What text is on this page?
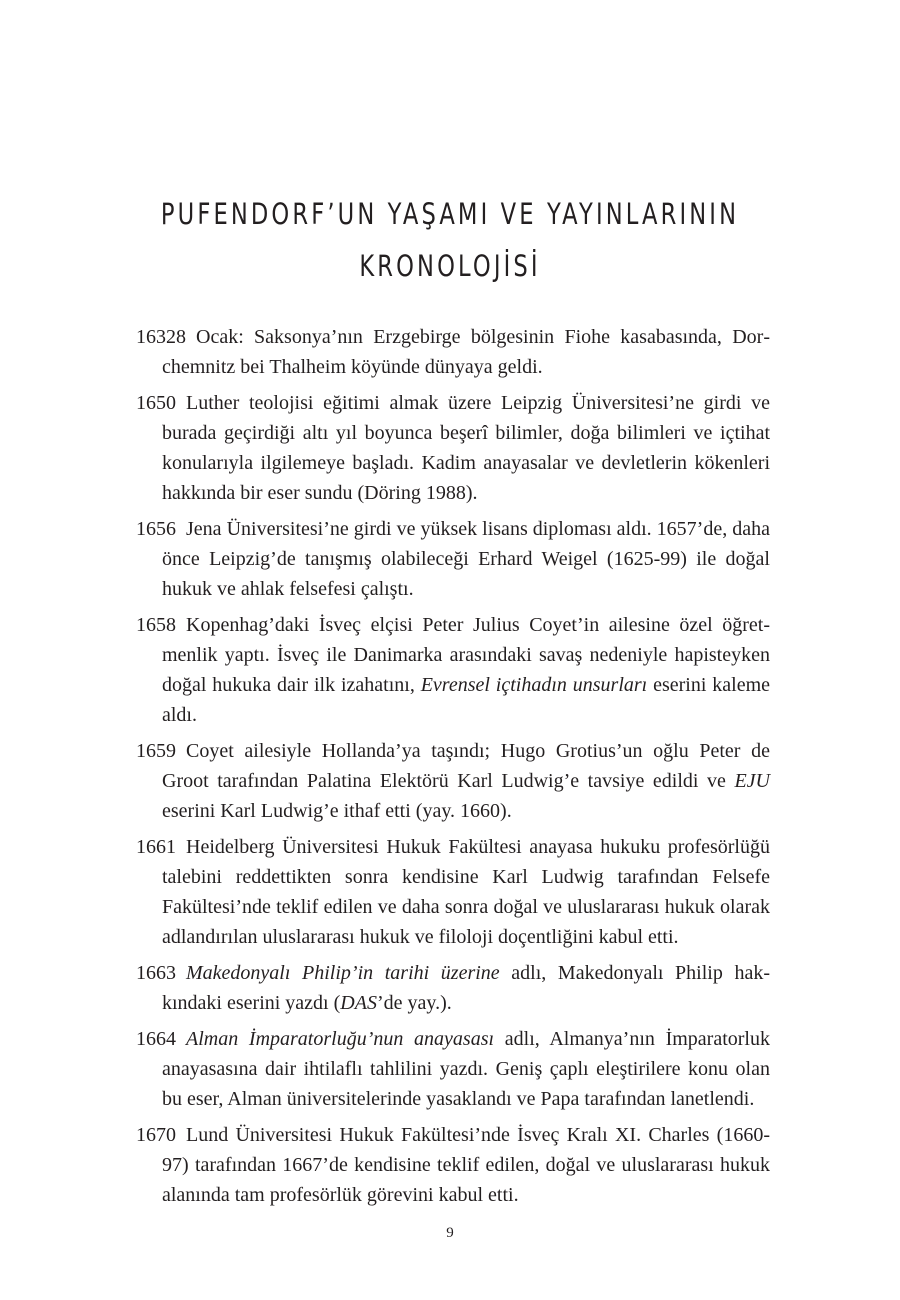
PUFENDORF’UN YAŞAMI VE YAYINLARININ
KRONOLOJİSİ

16328 Ocak: Saksonya’nın Erzgebirge bölgesinin Fiohe kasabasında, Dorchemnitz bei Thalheim köyünde dünyaya geldi.

1650 Luther teolojisi eğitimi almak üzere Leipzig Üniversitesi’ne girdi ve burada geçirdiği altı yıl boyunca beşerî bilimler, doğa bilimleri ve içtihat konularıyla ilgilemeye başladı. Kadim anayasalar ve devletlerin kökenleri hakkında bir eser sundu (Döring 1988).

1656 Jena Üniversitesi’ne girdi ve yüksek lisans diploması aldı. 1657’de, daha önce Leipzig’de tanışmış olabileceği Erhard Weigel (1625-99) ile doğal hukuk ve ahlak felsefesi çalıştı.

1658 Kopenhag’daki İsveç elçisi Peter Julius Coyet’in ailesine özel öğretmenlik yaptı. İsveç ile Danimarka arasındaki savaş nedeniyle hapisteyken doğal hukuka dair ilk izahatını, Evrensel içtihadın unsurları eserini kaleme aldı.

1659 Coyet ailesiyle Hollanda’ya taşındı; Hugo Grotius’un oğlu Peter de Groot tarafından Palatina Elektörü Karl Ludwig’e tavsiye edildi ve EJU eserini Karl Ludwig’e ithaf etti (yay. 1660).

1661 Heidelberg Üniversitesi Hukuk Fakültesi anayasa hukuku profesörlüğü talebini reddettikten sonra kendisine Karl Ludwig tarafından Felsefe Fakültesi’nde teklif edilen ve daha sonra doğal ve uluslararası hukuk olarak adlandırılan uluslararası hukuk ve filoloji doçentliğini kabul etti.

1663 Makedonyalı Philip’in tarihi üzerine adlı, Makedonyalı Philip hakkındaki eserini yazdı (DAS’de yay.).

1664 Alman İmparatorluğu’nun anayasası adlı, Almanya’nın İmparatorluk anayasasına dair ihtilaflı tahlilini yazdı. Geniş çaplı eleştirilere konu olan bu eser, Alman üniversitelerinde yasaklandı ve Papa tarafından lanetlendi.

1670 Lund Üniversitesi Hukuk Fakültesi’nde İsveç Kralı XI. Charles (1660-97) tarafından 1667’de kendisine teklif edilen, doğal ve uluslararası hukuk alanında tam profesörlük görevini kabul etti.

9
